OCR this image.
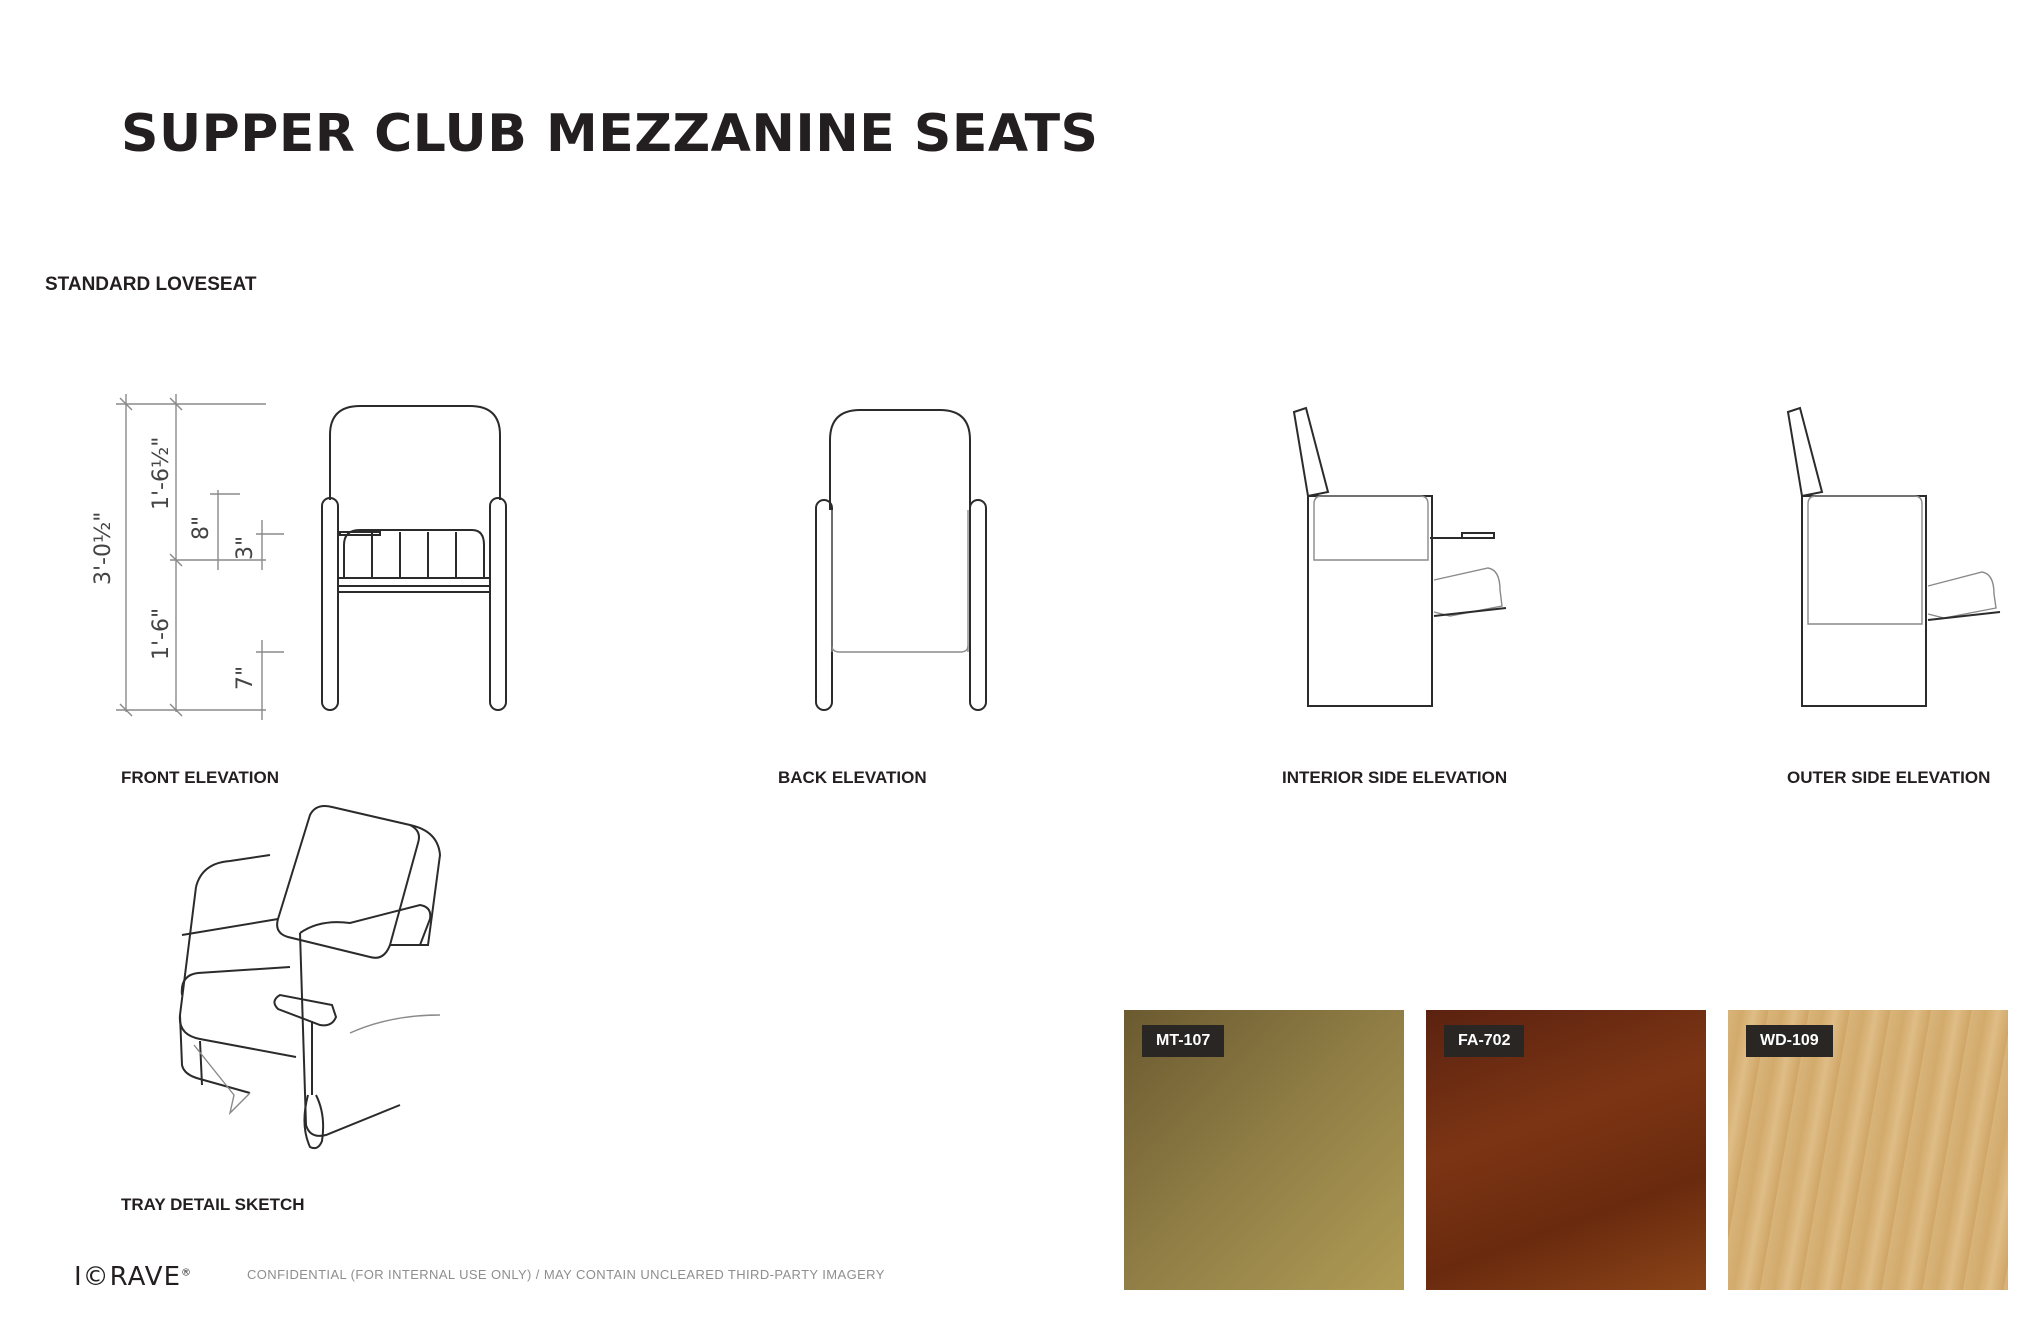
SUPPER CLUB MEZZANINE SEATS
STANDARD LOVESEAT
3'-0½"
1'-6½"
8"
3"
1'-6"
7"
FRONT ELEVATION	BACK ELEVATION	INTERIOR SIDE ELEVATION	OUTER SIDE ELEVATION
TRAY DETAIL SKETCH
MT-107	FA-702	WD-109
I©RAVE®	CONFIDENTIAL (FOR INTERNAL USE ONLY) / MAY CONTAIN UNCLEARED THIRD-PARTY IMAGERY
